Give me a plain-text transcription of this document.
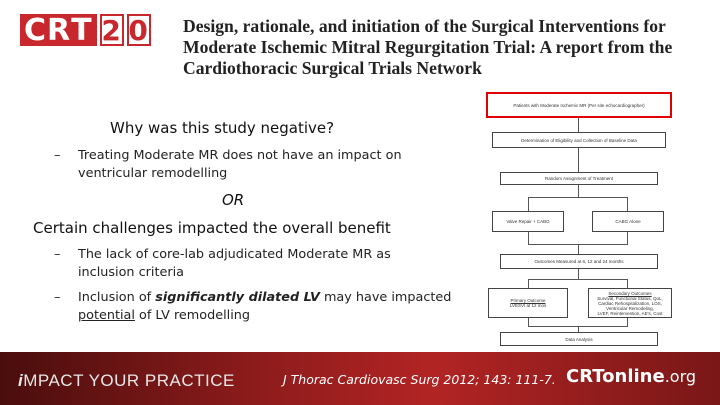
C R T 2 0 Design, rationale, and initiation of the Surgical Interventions for Moderate Ischemic Mitral Regurgitation Trial: A report from the Cardiothoracic Surgical Trials Network
Why was this study negative?
– Treating Moderate MR does not have an impact on
ventricular remodelling
OR
Certain challenges impacted the overall benefit
– The lack of core-lab adjudicated Moderate MR as
inclusion criteria
– Inclusion of significantly dilated LV may have impacted
potential of LV remodelling
Patients with Moderate Ischemic MR (Per site echocardiographer)
Determination of Eligibility and Collection of Baseline Data
Random Assignment of Treatment
Valve Repair + CABG	CABG Alone
Outcomes Measured at 6, 12 and 24 months
Primary Outcome
LVESVI at 12 mos
Secondary Outcomes
Survival, Functional Status, QoL,
Cardiac Rehospitalization, LOS,
Ventricular Remodeling,
LVEF, Reintervention, AE's, Cost
Data Analysis
iMPACT YOUR PRACTICE	J Thorac Cardiovasc Surg 2012; 143: 111-7. CRTonline.org
